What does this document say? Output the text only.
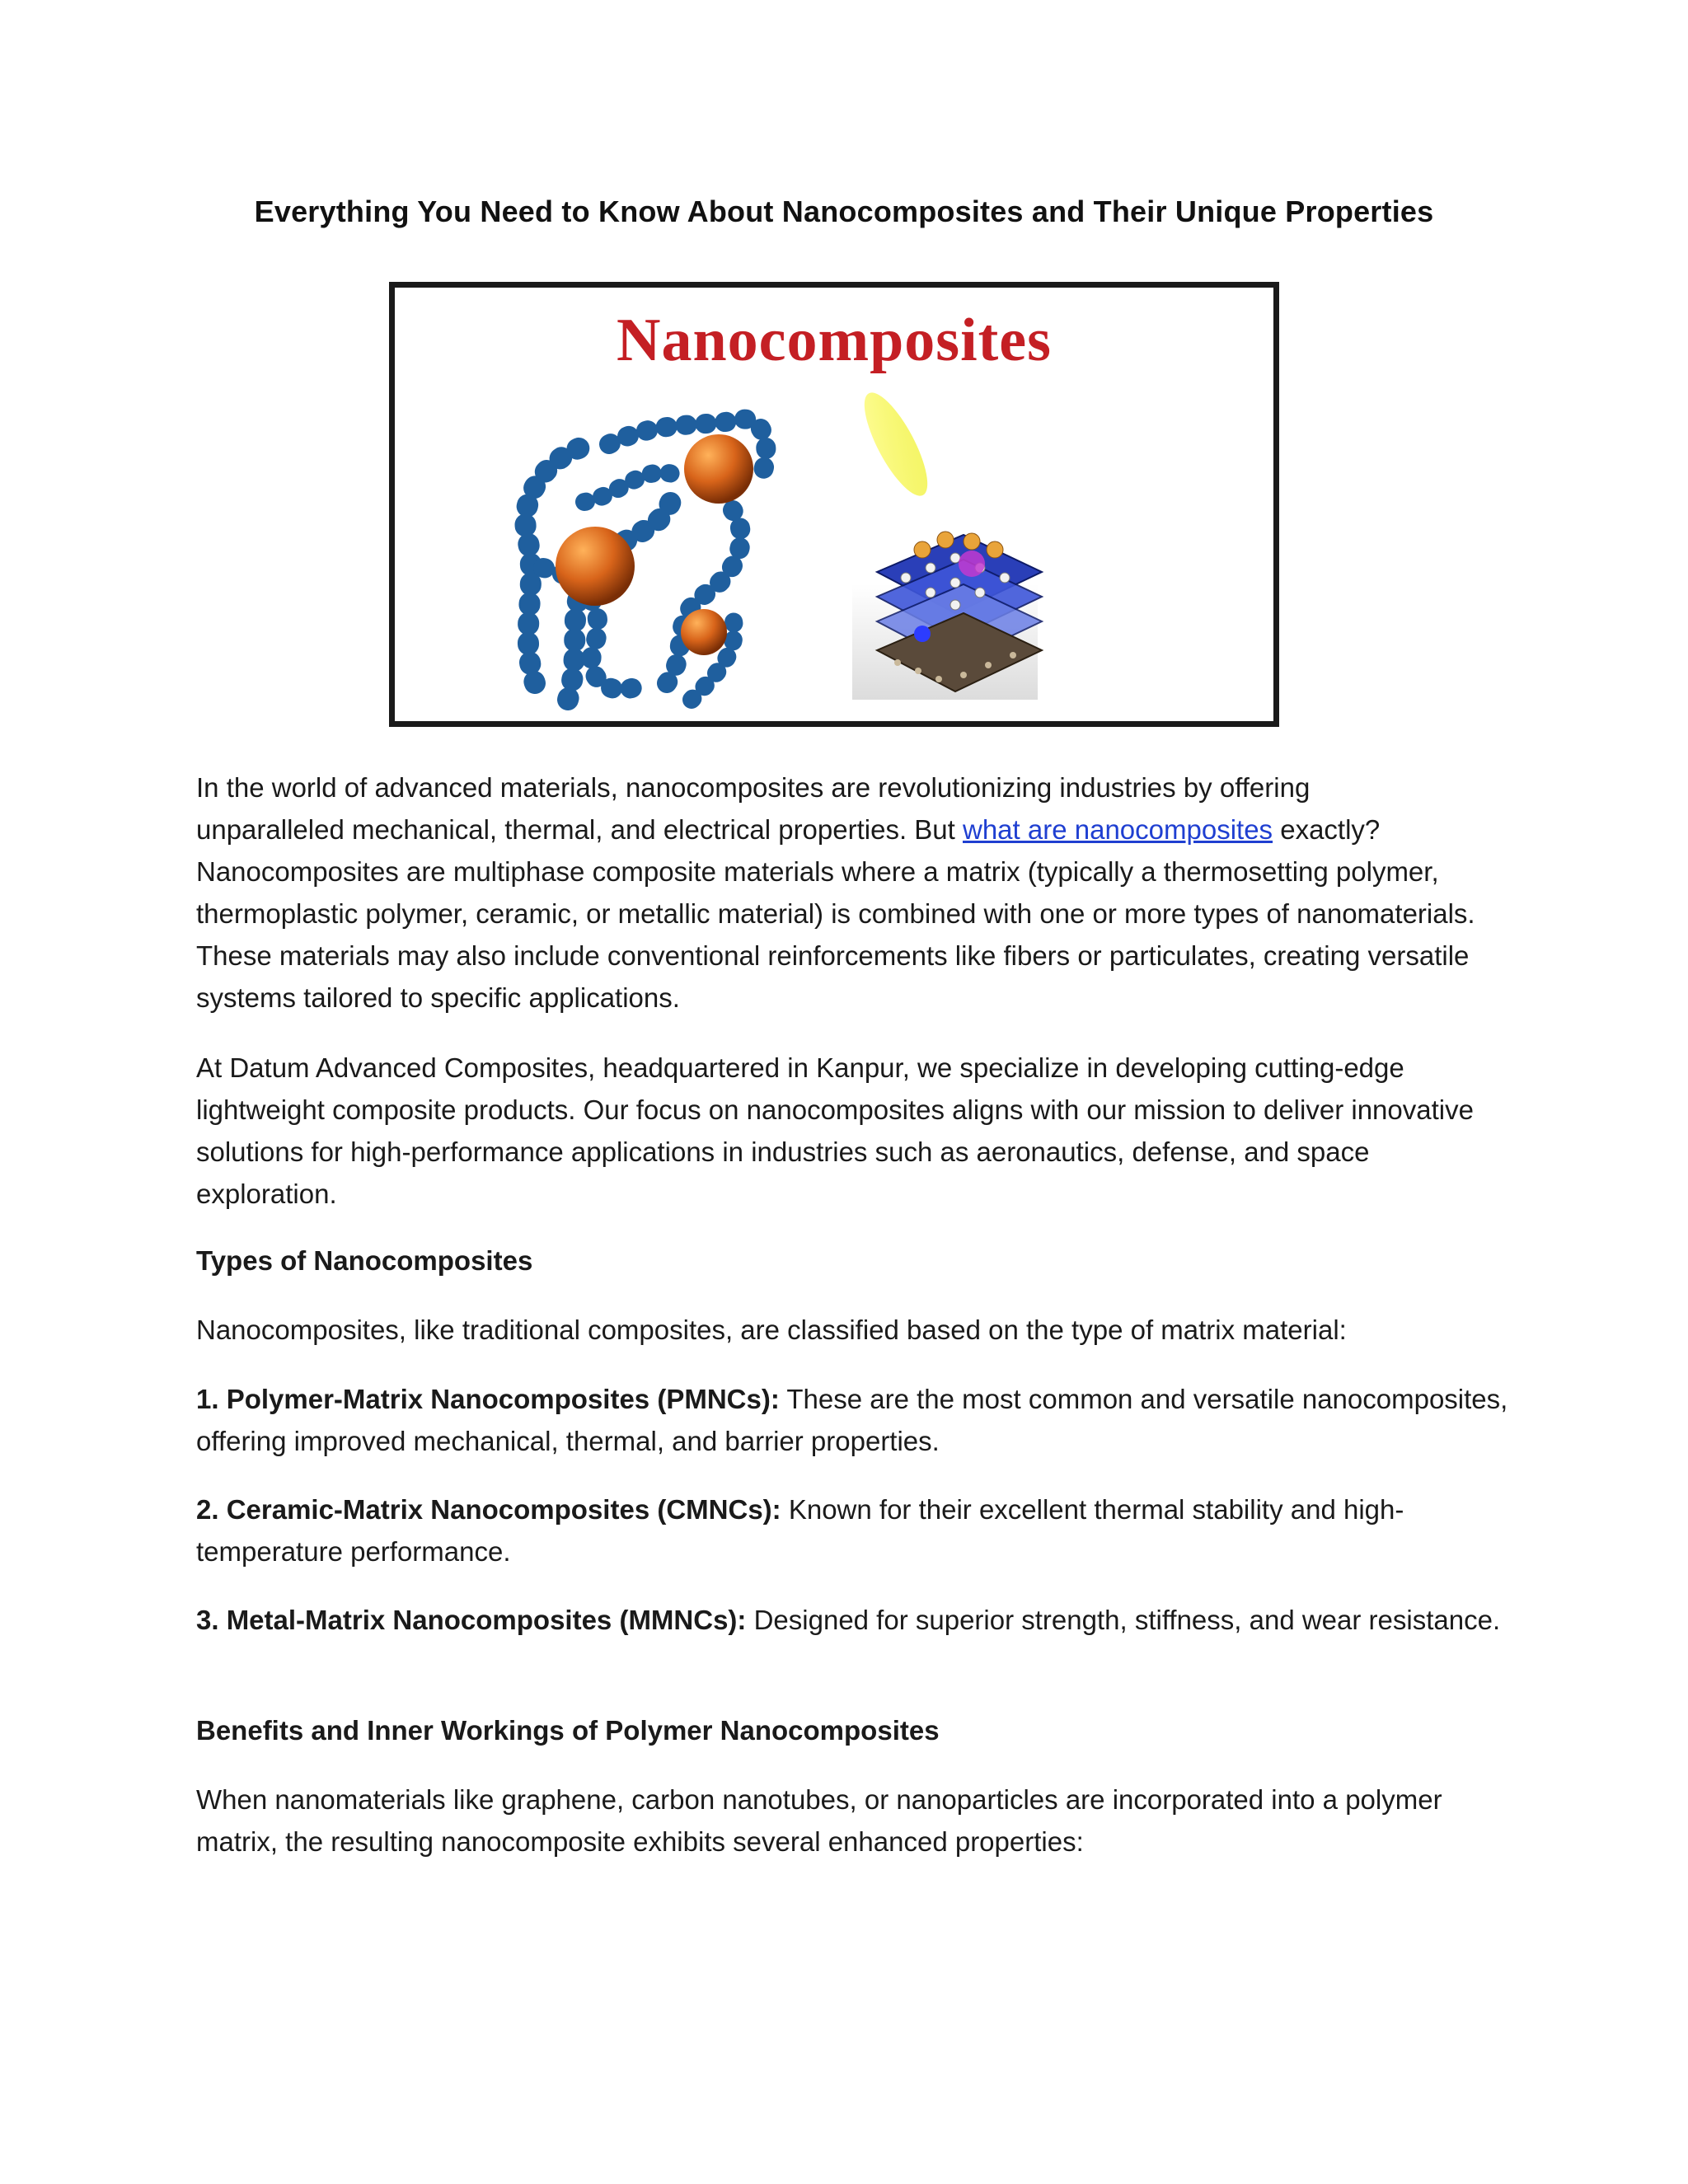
Everything You Need to Know About Nanocomposites and Their Unique Properties
Nanocomposites
In the world of advanced materials, nanocomposites are revolutionizing industries by offering
unparalleled mechanical, thermal, and electrical properties. But what are nanocomposites exactly?
Nanocomposites are multiphase composite materials where a matrix (typically a thermosetting polymer, thermoplastic polymer, ceramic, or metallic material) is combined with one or more types of nanomaterials. These materials may also include conventional reinforcements like fibers or particulates, creating versatile systems tailored to specific applications.

At Datum Advanced Composites, headquartered in Kanpur, we specialize in developing cutting-edge lightweight composite products. Our focus on nanocomposites aligns with our mission to deliver innovative solutions for high-performance applications in industries such as aeronautics, defense, and space exploration.

Types of Nanocomposites

Nanocomposites, like traditional composites, are classified based on the type of matrix material:

1. Polymer-Matrix Nanocomposites (PMNCs): These are the most common and versatile nanocomposites, offering improved mechanical, thermal, and barrier properties.

2. Ceramic-Matrix Nanocomposites (CMNCs): Known for their excellent thermal stability and high-temperature performance.

3. Metal-Matrix Nanocomposites (MMNCs): Designed for superior strength, stiffness, and wear resistance.

Benefits and Inner Workings of Polymer Nanocomposites

When nanomaterials like graphene, carbon nanotubes, or nanoparticles are incorporated into a polymer matrix, the resulting nanocomposite exhibits several enhanced properties:
